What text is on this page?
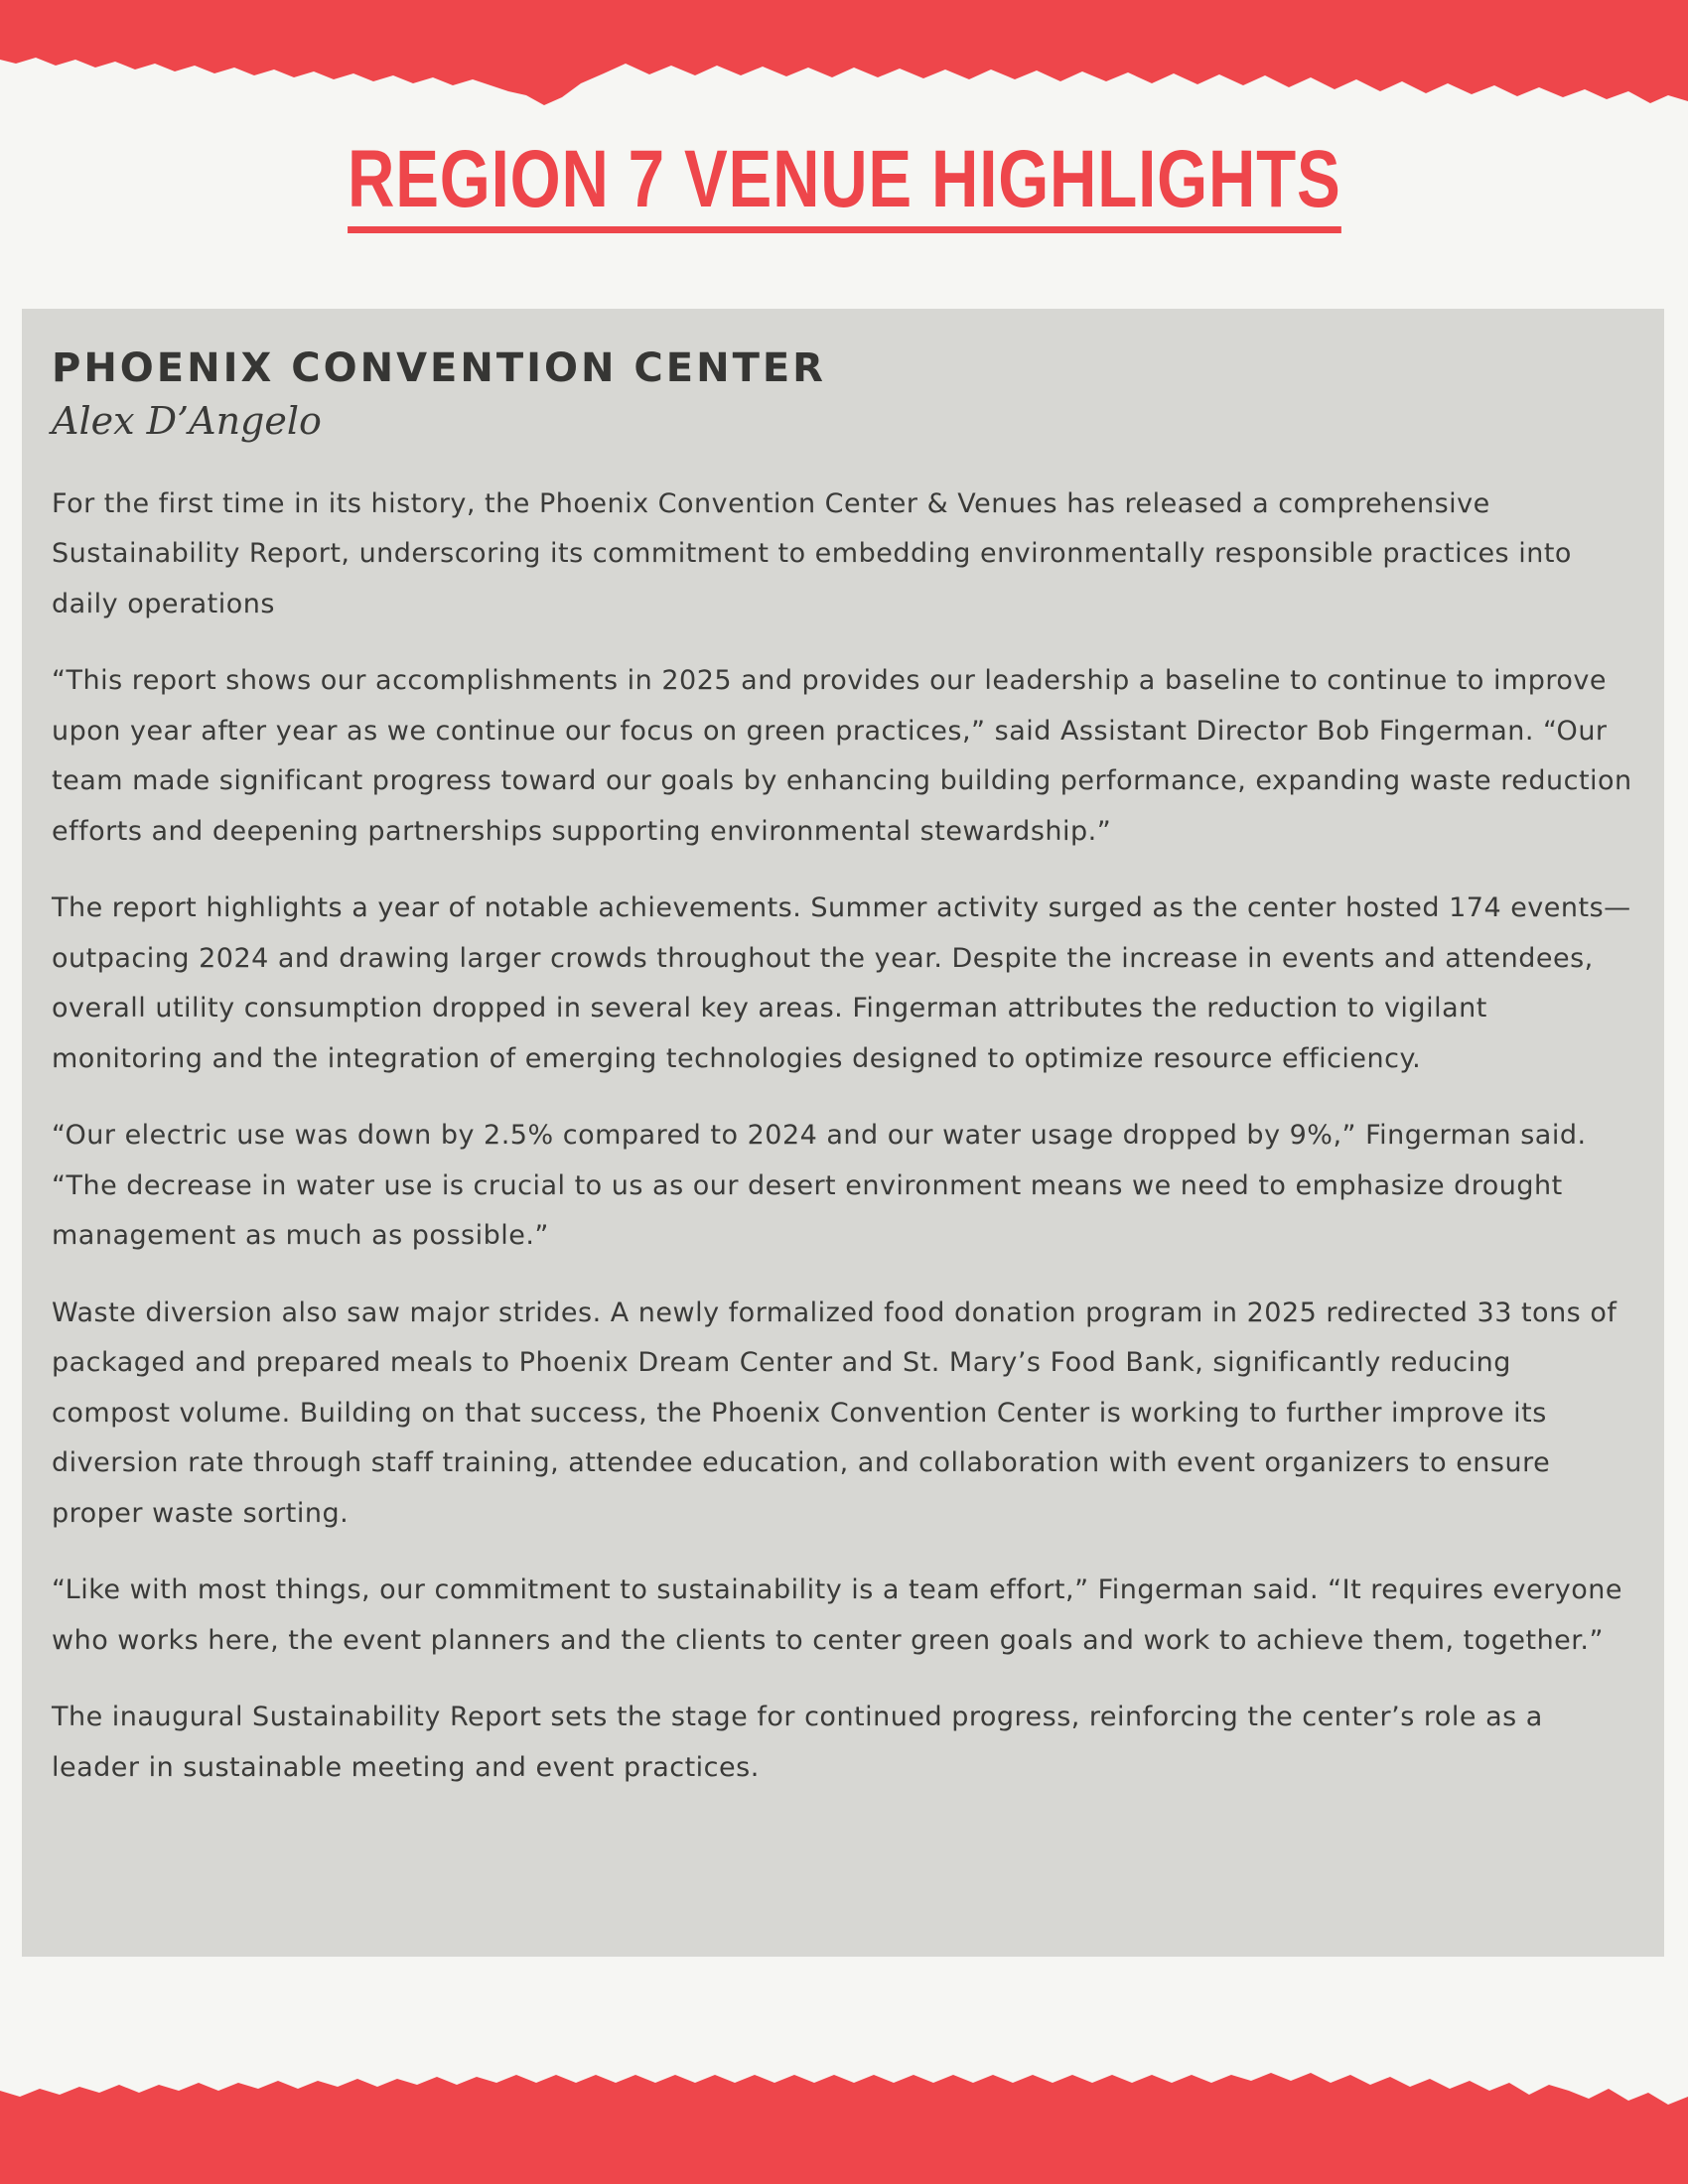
REGION 7 VENUE HIGHLIGHTS
PHOENIX CONVENTION CENTER
Alex D’Angelo

For the first time in its history, the Phoenix Convention Center & Venues has released a comprehensive Sustainability Report, underscoring its commitment to embedding environmentally responsible practices into daily operations

“This report shows our accomplishments in 2025 and provides our leadership a baseline to continue to improve upon year after year as we continue our focus on green practices,” said Assistant Director Bob Fingerman. “Our team made significant progress toward our goals by enhancing building performance, expanding waste reduction efforts and deepening partnerships supporting environmental stewardship.”

The report highlights a year of notable achievements. Summer activity surged as the center hosted 174 events—outpacing 2024 and drawing larger crowds throughout the year. Despite the increase in events and attendees, overall utility consumption dropped in several key areas. Fingerman attributes the reduction to vigilant monitoring and the integration of emerging technologies designed to optimize resource efficiency.

“Our electric use was down by 2.5% compared to 2024 and our water usage dropped by 9%,” Fingerman said. “The decrease in water use is crucial to us as our desert environment means we need to emphasize drought management as much as possible.”

Waste diversion also saw major strides. A newly formalized food donation program in 2025 redirected 33 tons of packaged and prepared meals to Phoenix Dream Center and St. Mary’s Food Bank, significantly reducing compost volume. Building on that success, the Phoenix Convention Center is working to further improve its diversion rate through staff training, attendee education, and collaboration with event organizers to ensure proper waste sorting.

“Like with most things, our commitment to sustainability is a team effort,” Fingerman said. “It requires everyone who works here, the event planners and the clients to center green goals and work to achieve them, together.”

The inaugural Sustainability Report sets the stage for continued progress, reinforcing the center’s role as a leader in sustainable meeting and event practices.
